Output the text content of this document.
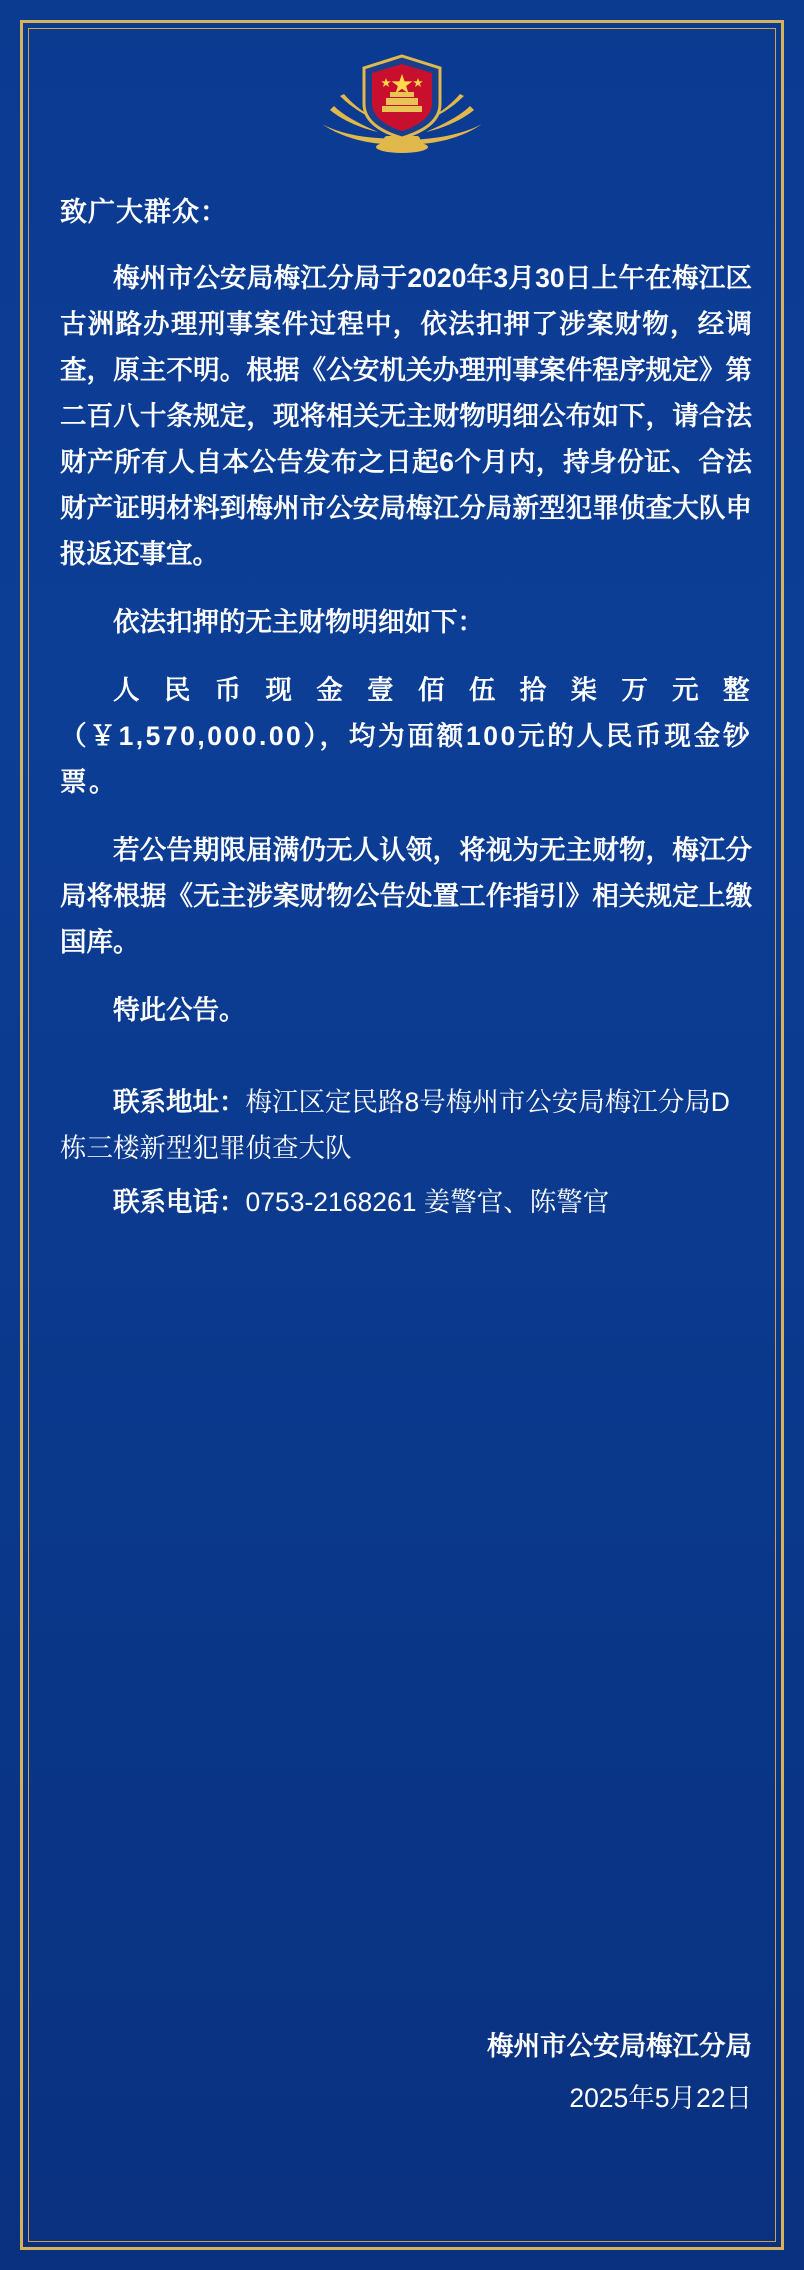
致广大群众：

梅州市公安局梅江分局于2020年3月30日上午在梅江区古洲路办理刑事案件过程中，依法扣押了涉案财物，经调查，原主不明。根据《公安机关办理刑事案件程序规定》第二百八十条规定，现将相关无主财物明细公布如下，请合法财产所有人自本公告发布之日起6个月内，持身份证、合法财产证明材料到梅州市公安局梅江分局新型犯罪侦查大队申报返还事宜。

依法扣押的无主财物明细如下：

人民币现金壹佰伍拾柒万元整（￥1,570,000.00），均为面额100元的人民币现金钞票。

若公告期限届满仍无人认领，将视为无主财物，梅江分局将根据《无主涉案财物公告处置工作指引》相关规定上缴国库。

特此公告。

联系地址：梅江区定民路8号梅州市公安局梅江分局D栋三楼新型犯罪侦查大队

联系电话：0753-2168261 姜警官、陈警官

梅州市公安局梅江分局
2025年5月22日
